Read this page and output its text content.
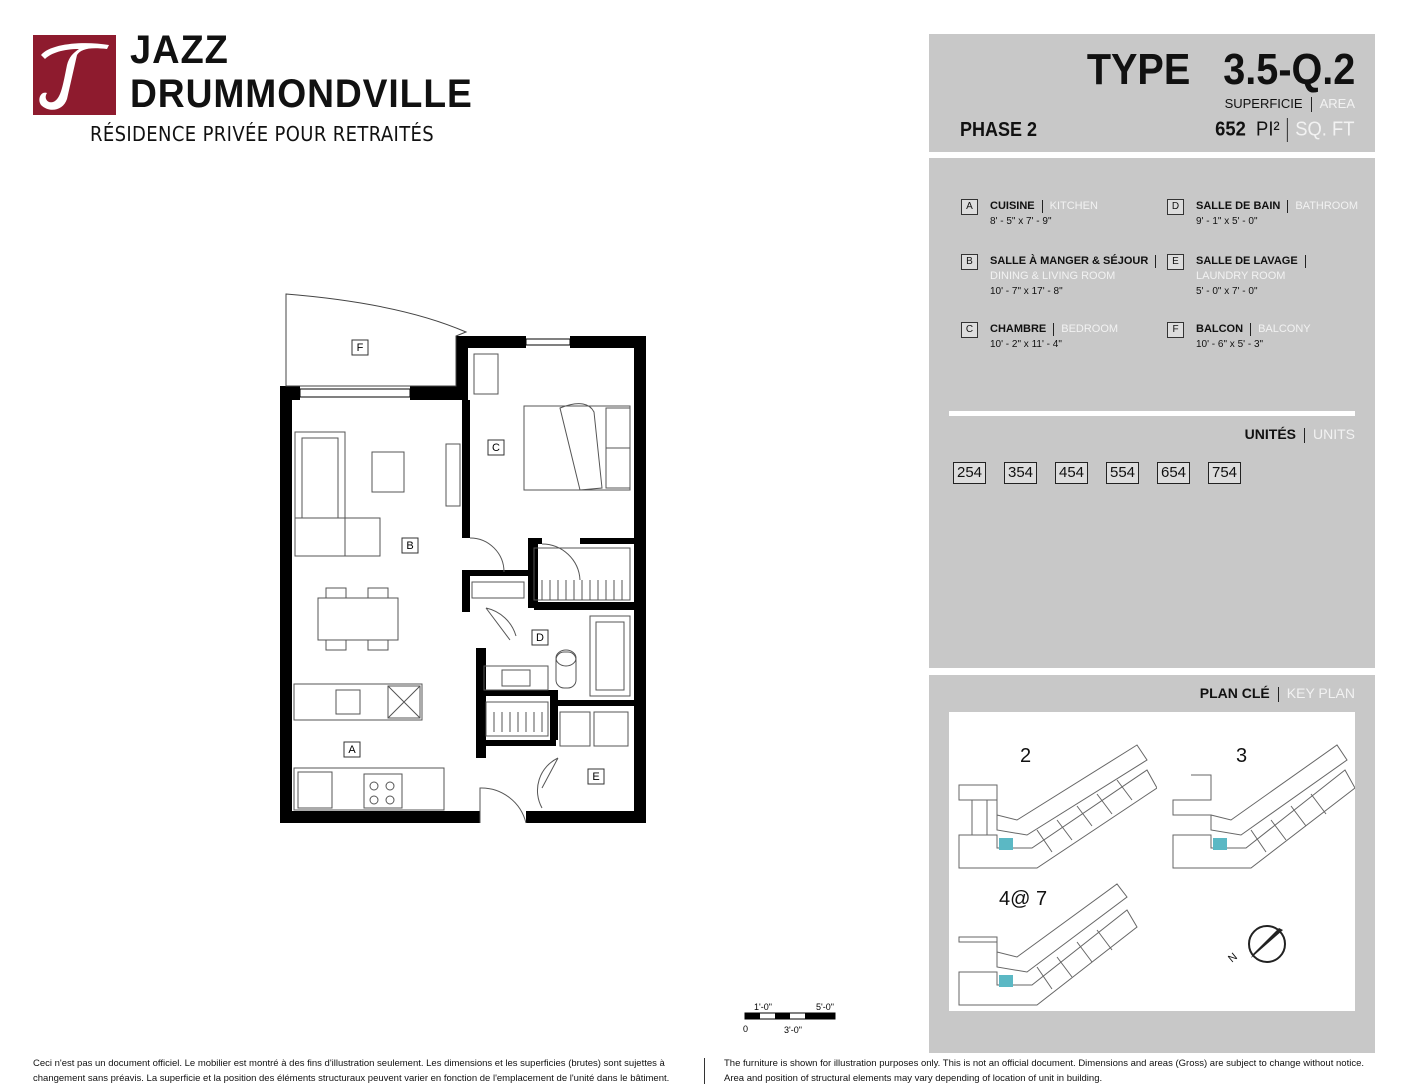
JAZZ
DRUMMONDVILLE
RÉSIDENCE PRIVÉE POUR RETRAITÉS
TYPE   3.5-Q.2
SUPERFICIE AREA
PHASE 2	652 PI² SQ. FT
A	CUISINE KITCHEN
8' - 5" x 7' - 9"
B	SALLE À MANGER & SÉJOUR
DINING & LIVING ROOM
10' - 7" x 17' - 8"
C	CHAMBRE BEDROOM
10' - 2" x 11' - 4"
D	SALLE DE BAIN BATHROOM
9' - 1" x 5' - 0"
E	SALLE DE LAVAGE
LAUNDRY ROOM
5' - 0" x 7' - 0"
F	BALCON BALCONY
10' - 6" x 5' - 3"
UNITÉS UNITS
254 354 454 554 654 754
PLAN CLÉ KEY PLAN
2	3
4@ 7
N
A
B
C
D
E
F
1'-0"	5'-0"
0	3'-0"
Ceci n'est pas un document officiel. Le mobilier est montré à des fins d'illustration seulement. Les dimensions et les superficies (brutes) sont sujettes à changement sans préavis. La superficie et la position des éléments structuraux peuvent varier en fonction de l'emplacement de l'unité dans le bâtiment.
The furniture is shown for illustration purposes only. This is not an official document. Dimensions and areas (Gross) are subject to change without notice. Area and position of structural elements may vary depending of location of unit in building.
